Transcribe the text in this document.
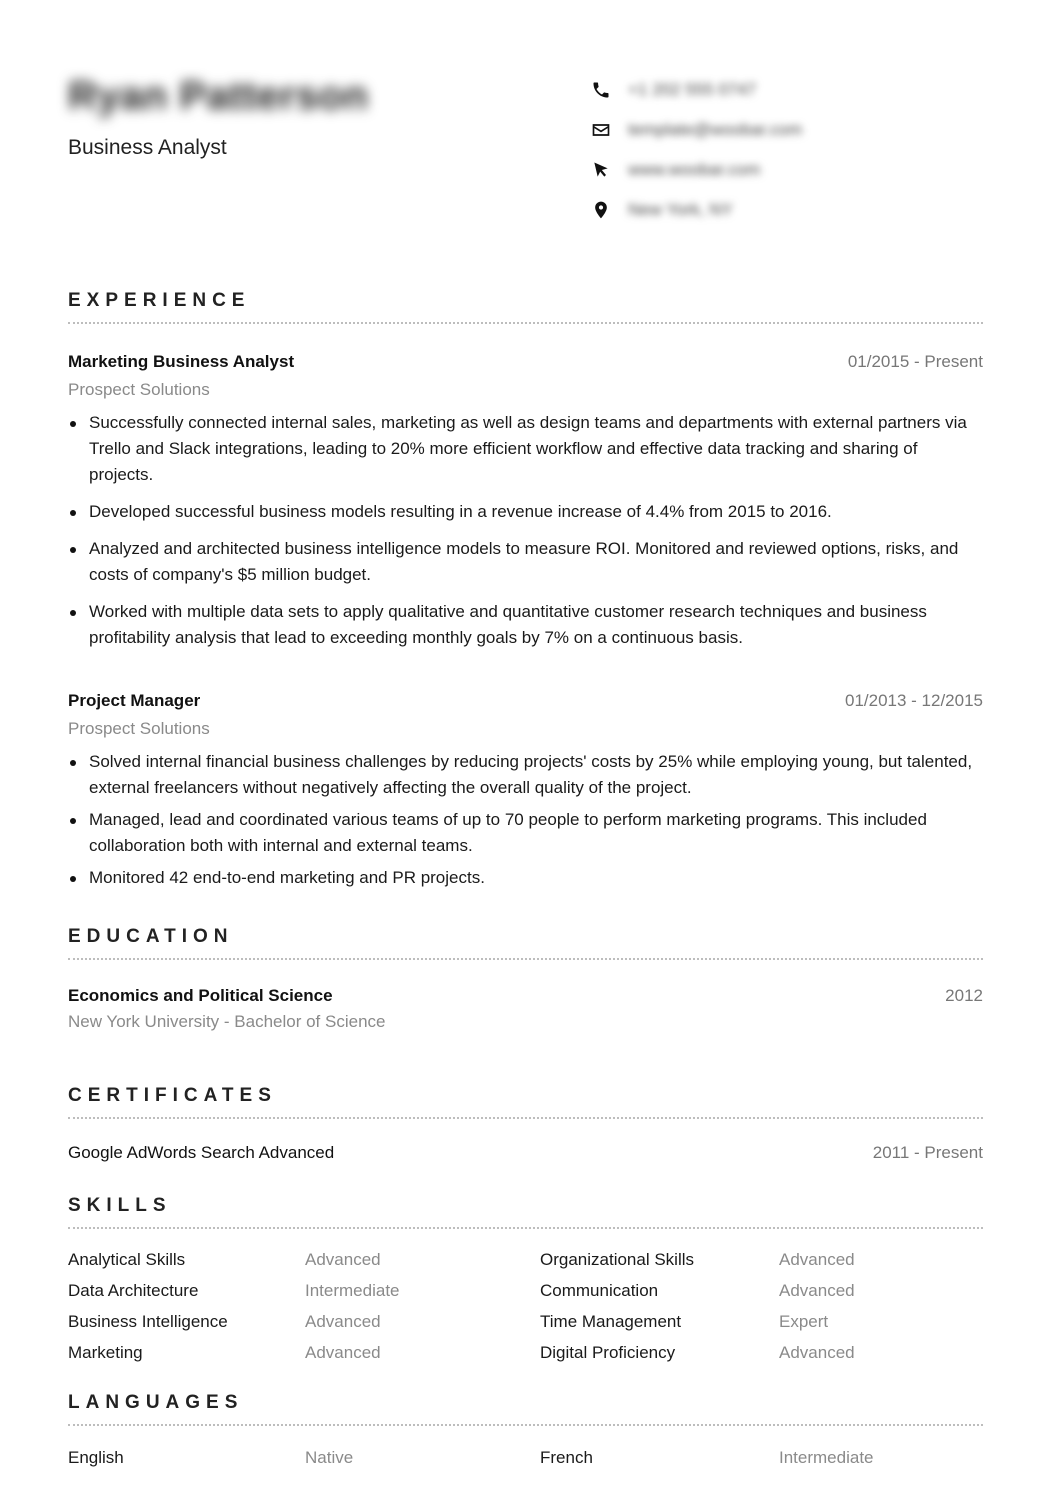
Ryan Patterson
Business Analyst
+1 202 555 0747
template@woobar.com
www.woobar.com
New York, NY
EXPERIENCE
Marketing Business Analyst	01/2015 - Present
Prospect Solutions
Successfully connected internal sales, marketing as well as design teams and departments with external partners via Trello and Slack integrations, leading to 20% more efficient workflow and effective data tracking and sharing of projects.
Developed successful business models resulting in a revenue increase of 4.4% from 2015 to 2016.
Analyzed and architected business intelligence models to measure ROI. Monitored and reviewed options, risks, and costs of company's $5 million budget.
Worked with multiple data sets to apply qualitative and quantitative customer research techniques and business profitability analysis that lead to exceeding monthly goals by 7% on a continuous basis.
Project Manager	01/2013 - 12/2015
Prospect Solutions
Solved internal financial business challenges by reducing projects' costs by 25% while employing young, but talented, external freelancers without negatively affecting the overall quality of the project.
Managed, lead and coordinated various teams of up to 70 people to perform marketing programs. This included collaboration both with internal and external teams.
Monitored 42 end-to-end marketing and PR projects.
EDUCATION
Economics and Political Science	2012
New York University - Bachelor of Science
CERTIFICATES
Google AdWords Search Advanced	2011 - Present
SKILLS
Analytical Skills	Advanced	Organizational Skills	Advanced
Data Architecture	Intermediate	Communication	Advanced
Business Intelligence	Advanced	Time Management	Expert
Marketing	Advanced	Digital Proficiency	Advanced
LANGUAGES
English	Native	French	Intermediate
